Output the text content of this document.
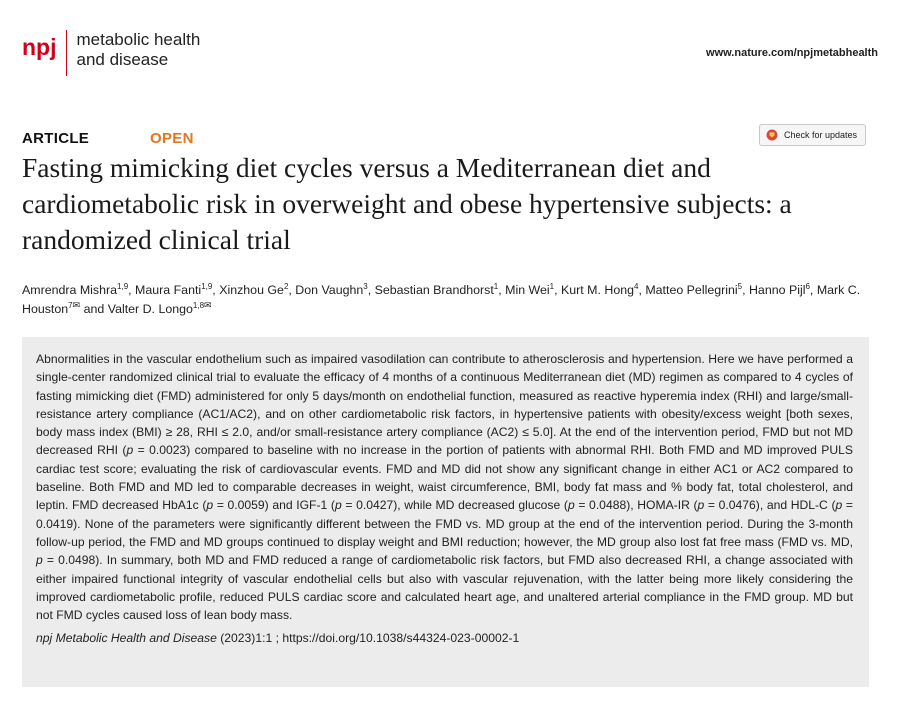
npj metabolic health
and disease	www.nature.com/npjmetabhealth
ARTICLE	OPEN	Check for updates
Fasting mimicking diet cycles versus a Mediterranean diet and cardiometabolic risk in overweight and obese hypertensive subjects: a randomized clinical trial
Amrendra Mishra$^{1,9}$, Maura Fanti$^{1,9}$, Xinzhou Ge$^2$, Don Vaughn$^3$, Sebastian Brandhorst$^1$, Min Wei$^1$, Kurt M. Hong$^4$, Matteo Pellegrini$^5$, Hanno Pijl$^6$, Mark C. Houston$^{7✉}$ and Valter D. Longo$^{1,8✉}$

Abnormalities in the vascular endothelium such as impaired vasodilation can contribute to atherosclerosis and hypertension. Here we have performed a single-center randomized clinical trial to evaluate the efficacy of 4 months of a continuous Mediterranean diet (MD) regimen as compared to 4 cycles of fasting mimicking diet (FMD) administered for only 5 days/month on endothelial function, measured as reactive hyperemia index (RHI) and large/small-resistance artery compliance (AC1/AC2), and on other cardiometabolic risk factors, in hypertensive patients with obesity/excess weight [both sexes, body mass index (BMI) ≥ 28, RHI ≤ 2.0, and/or small-resistance artery compliance (AC2) ≤ 5.0]. At the end of the intervention period, FMD but not MD decreased RHI (p = 0.0023) compared to baseline with no increase in the portion of patients with abnormal RHI. Both FMD and MD improved PULS cardiac test score; evaluating the risk of cardiovascular events. FMD and MD did not show any significant change in either AC1 or AC2 compared to baseline. Both FMD and MD led to comparable decreases in weight, waist circumference, BMI, body fat mass and % body fat, total cholesterol, and leptin. FMD decreased HbA1c (p = 0.0059) and IGF-1 (p = 0.0427), while MD decreased glucose (p = 0.0488), HOMA-IR (p = 0.0476), and HDL-C (p = 0.0419). None of the parameters were significantly different between the FMD vs. MD group at the end of the intervention period. During the 3-month follow-up period, the FMD and MD groups continued to display weight and BMI reduction; however, the MD group also lost fat free mass (FMD vs. MD, p = 0.0498). In summary, both MD and FMD reduced a range of cardiometabolic risk factors, but FMD also decreased RHI, a change associated with either impaired functional integrity of vascular endothelial cells but also with vascular rejuvenation, with the latter being more likely considering the improved cardiometabolic profile, reduced PULS cardiac score and calculated heart age, and unaltered arterial compliance in the FMD group. MD but not FMD cycles caused loss of lean body mass.

npj Metabolic Health and Disease (2023)1:1 ; https://doi.org/10.1038/s44324-023-00002-1
